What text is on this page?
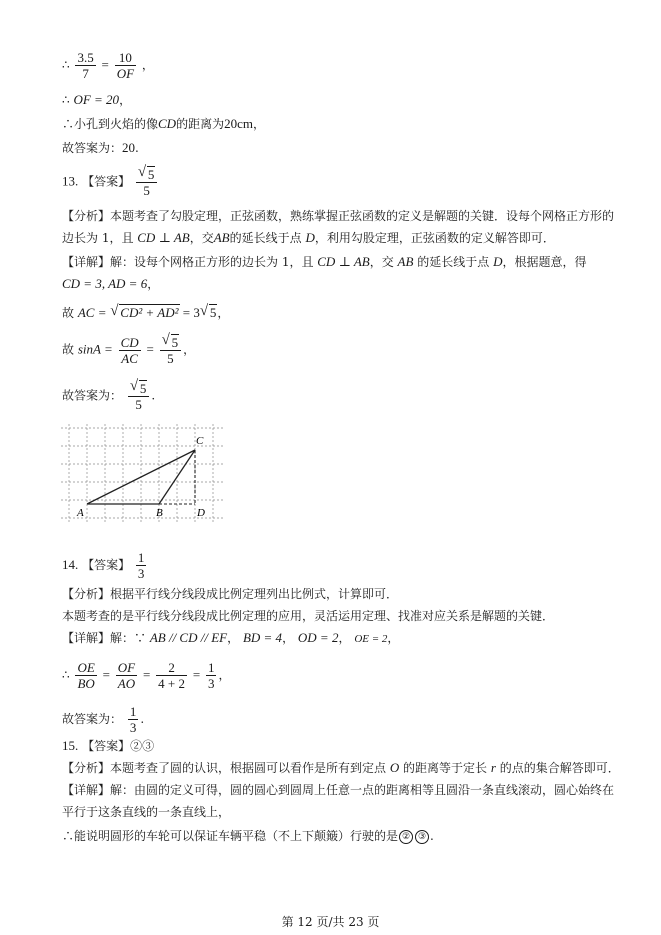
∴ $\frac{3.5}{7} = \frac{10}{OF}$ ，
∴ OF = 20，
∴小孔到火焰的像CD的距离为20cm，
故答案为：20.
13. 【答案】 $\frac{√ 5}{5}$
【分析】本题考查了勾股定理，正弦函数，熟练掌握正弦函数的定义是解题的关键．设每个网格正方形的
边长为 1，且 CD ⊥ AB，交AB的延长线于点 D，利用勾股定理，正弦函数的定义解答即可．
【详解】解：设每个网格正方形的边长为 1，且 CD ⊥ AB，交 AB 的延长线于点 D，根据题意，得
CD = 3, AD = 6，
故 AC = √ CD² + AD² = 3 √ 5，
故 $\sin A = \frac{CD}{AC} = \frac{√ 5}{5}$ ，
故答案为： $\frac{√ 5}{5}$ .
A	B
C
D
14. 【答案】 $\frac{1}{3}$
【分析】根据平行线分线段成比例定理列出比例式，计算即可．
本题考查的是平行线分线段成比例定理的应用，灵活运用定理、找准对应关系是解题的关键．
【详解】解：∵ AB // CD // EF， BD = 4， OD = 2， OE = 2，
∴ $\frac{OE}{BO} = \frac{OF}{AO} = \frac{2}{4 + 2} = \frac{1}{3}$ ，
故答案为： $\frac{1}{3}$ .
15. 【答案】②③
【分析】本题考查了圆的认识，根据圆可以看作是所有到定点 O 的距离等于定长 r 的点的集合解答即可．
【详解】解：由圆的定义可得，圆的圆心到圆周上任意一点的距离相等且圆沿一条直线滚动，圆心始终在
平行于这条直线的一条直线上，
∴能说明圆形的车轮可以保证车辆平稳（不上下颠簸）行驶的是 ② ③ .
第 12 页/共 23 页
